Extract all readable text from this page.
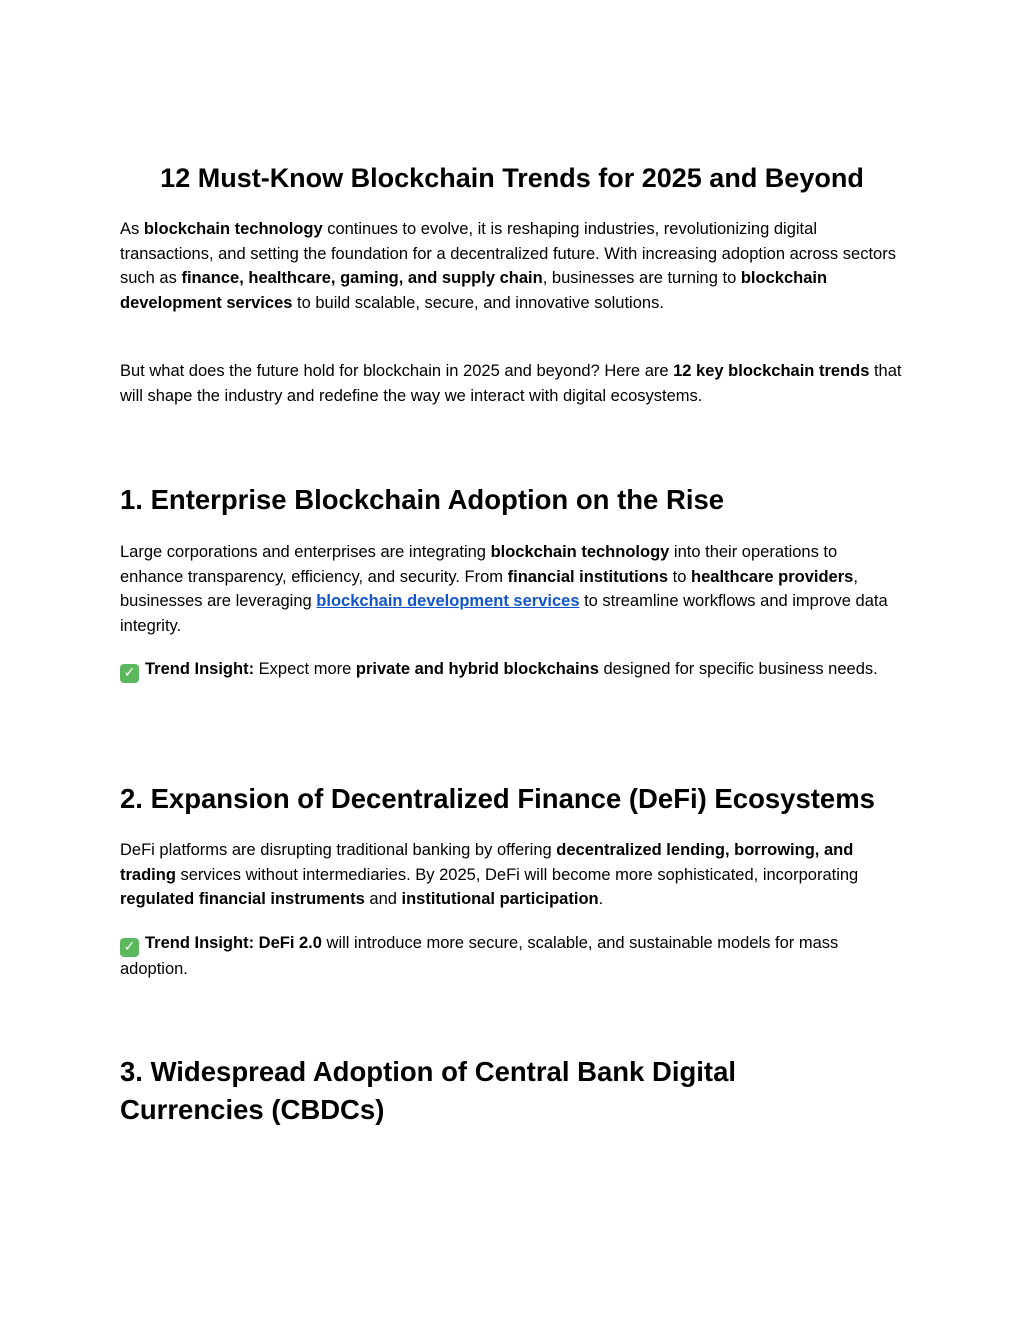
12 Must-Know Blockchain Trends for 2025 and Beyond

As blockchain technology continues to evolve, it is reshaping industries, revolutionizing digital transactions, and setting the foundation for a decentralized future. With increasing adoption across sectors such as finance, healthcare, gaming, and supply chain, businesses are turning to blockchain development services to build scalable, secure, and innovative solutions.

But what does the future hold for blockchain in 2025 and beyond? Here are 12 key blockchain trends that will shape the industry and redefine the way we interact with digital ecosystems.

1. Enterprise Blockchain Adoption on the Rise

Large corporations and enterprises are integrating blockchain technology into their operations to enhance transparency, efficiency, and security. From financial institutions to healthcare providers, businesses are leveraging blockchain development services to streamline workflows and improve data integrity.

✓ Trend Insight: Expect more private and hybrid blockchains designed for specific business needs.

2. Expansion of Decentralized Finance (DeFi) Ecosystems

DeFi platforms are disrupting traditional banking by offering decentralized lending, borrowing, and trading services without intermediaries. By 2025, DeFi will become more sophisticated, incorporating regulated financial instruments and institutional participation.

✓ Trend Insight: DeFi 2.0 will introduce more secure, scalable, and sustainable models for mass adoption.

3. Widespread Adoption of Central Bank Digital Currencies (CBDCs)
